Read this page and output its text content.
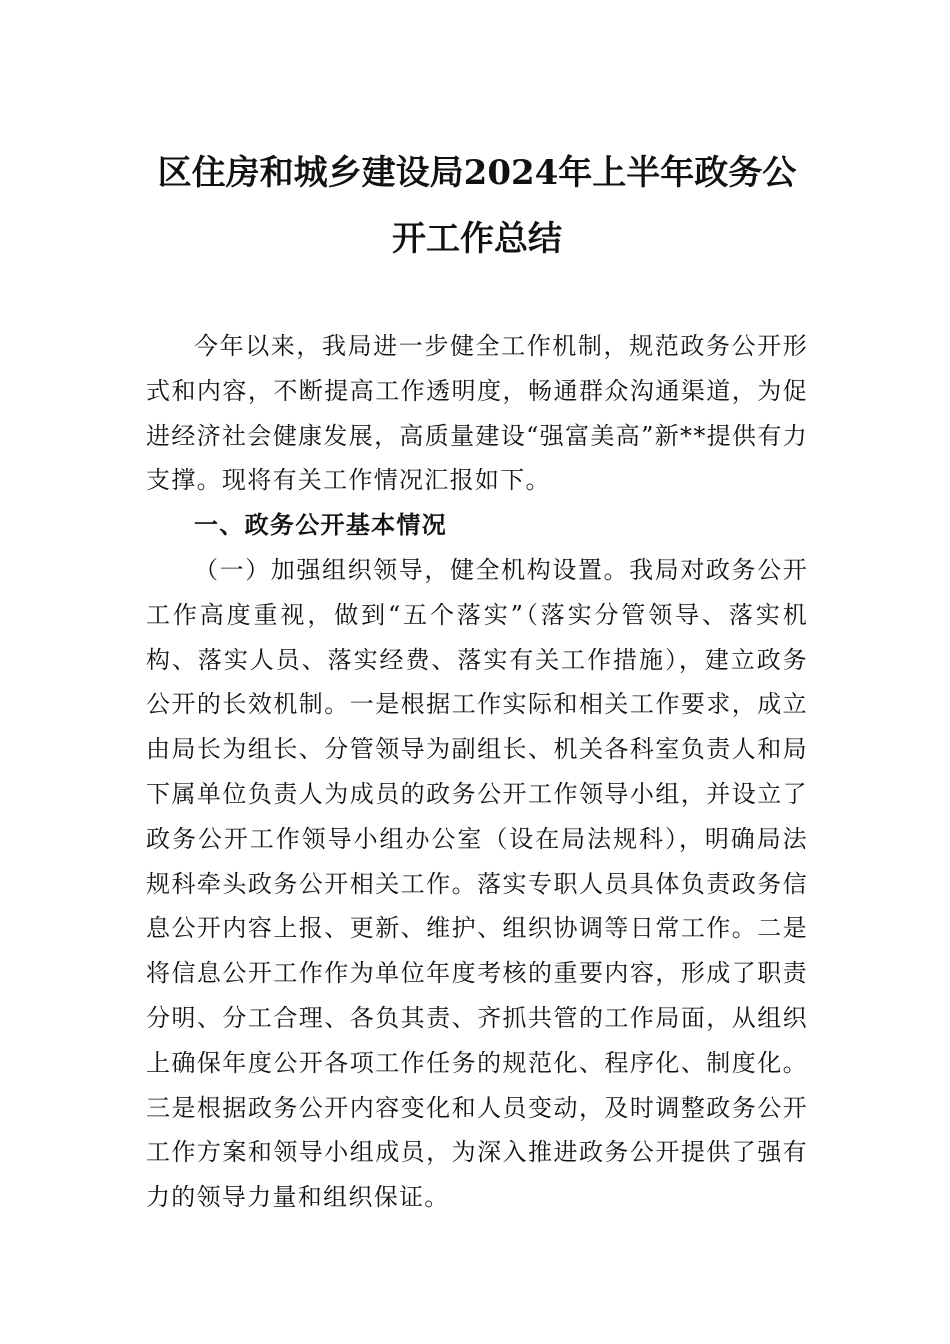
区住房和城乡建设局2024年上半年政务公
开工作总结

今年以来，我局进一步健全工作机制，规范政务公开形式和内容，不断提高工作透明度，畅通群众沟通渠道，为促进经济社会健康发展，高质量建设“强富美高”新**提供有力支撑。现将有关工作情况汇报如下。

一、政务公开基本情况

（一）加强组织领导，健全机构设置。我局对政务公开工作高度重视，做到“五个落实”（落实分管领导、落实机构、落实人员、落实经费、落实有关工作措施），建立政务公开的长效机制。一是根据工作实际和相关工作要求，成立由局长为组长、分管领导为副组长、机关各科室负责人和局下属单位负责人为成员的政务公开工作领导小组，并设立了政务公开工作领导小组办公室（设在局法规科），明确局法规科牵头政务公开相关工作。落实专职人员具体负责政务信息公开内容上报、更新、维护、组织协调等日常工作。二是将信息公开工作作为单位年度考核的重要内容，形成了职责分明、分工合理、各负其责、齐抓共管的工作局面，从组织上确保年度公开各项工作任务的规范化、程序化、制度化。三是根据政务公开内容变化和人员变动，及时调整政务公开工作方案和领导小组成员，为深入推进政务公开提供了强有力的领导力量和组织保证。
